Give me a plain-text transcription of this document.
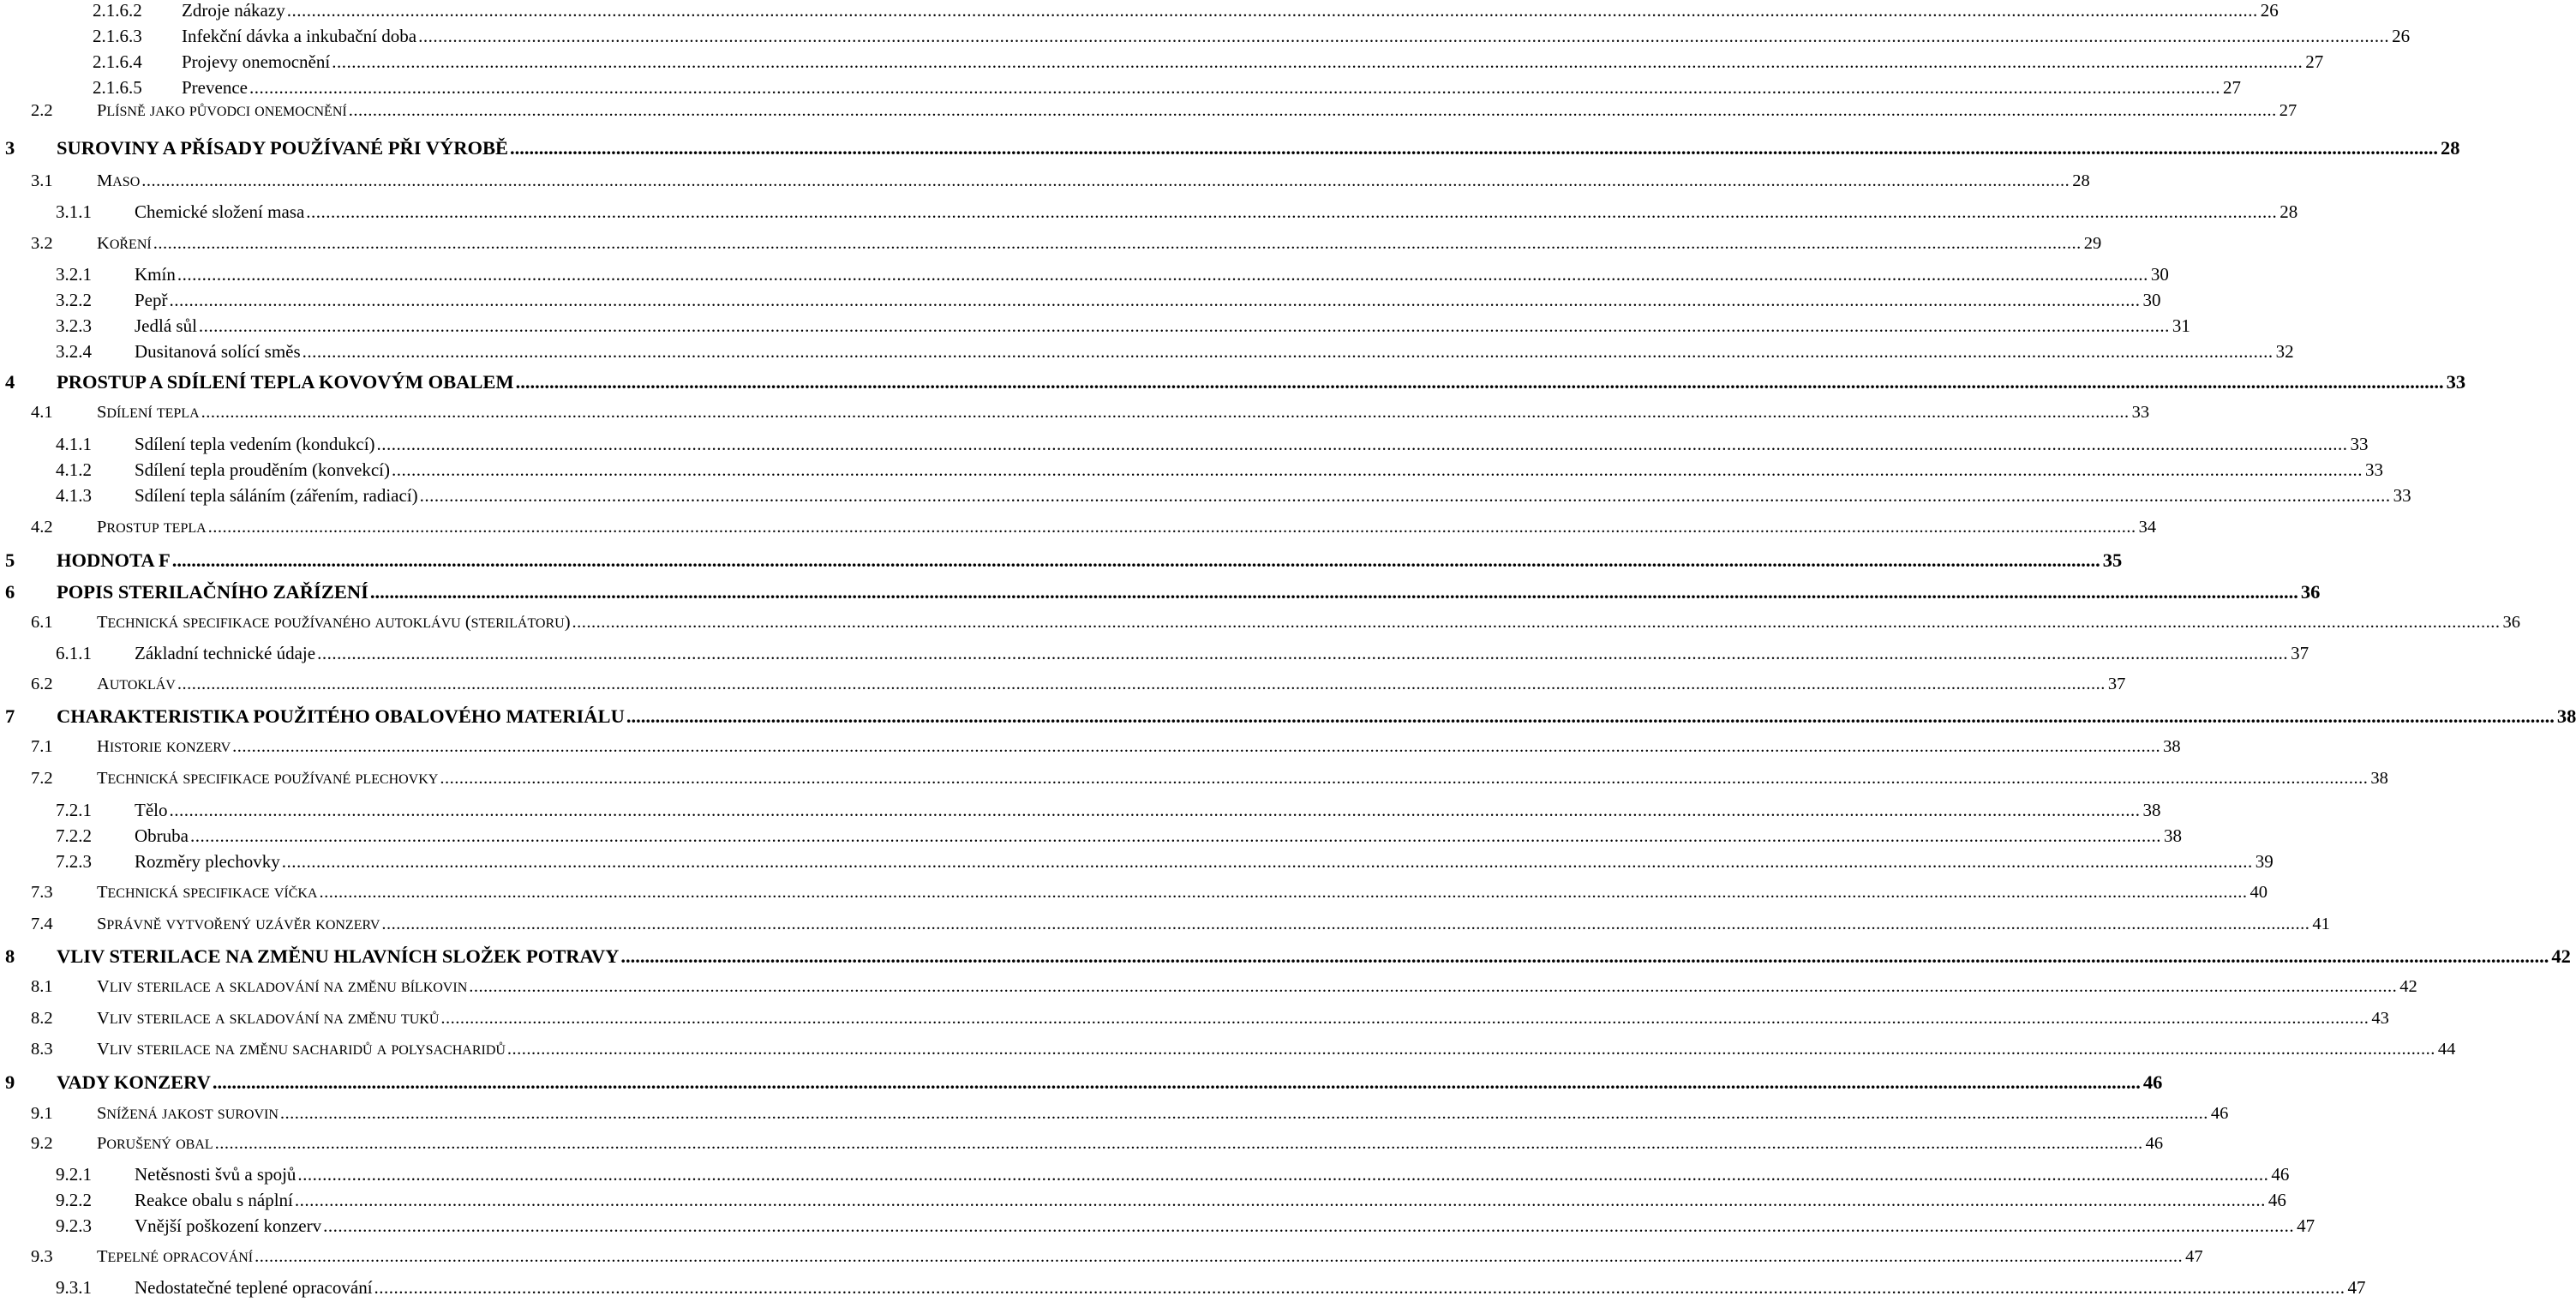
2.1.6.2	Zdroje nákazy ................................................................................................................................................................................................................................................................................................................................................................................................................ 26
2.1.6.3	Infekční dávka a inkubační doba ................................................................................................................................................................................................................................................................................................................................................................................................................ 26
2.1.6.4	Projevy onemocnění ................................................................................................................................................................................................................................................................................................................................................................................................................ 27
2.1.6.5	Prevence ................................................................................................................................................................................................................................................................................................................................................................................................................ 27
2.2	PLÍSNĚ JAKO PŮVODCI ONEMOCNĚNÍ ................................................................................................................................................................................................................................................................................................................................................................................................................ 27
3	SUROVINY A PŘÍSADY POUŽÍVANÉ PŘI VÝROBĚ ................................................................................................................................................................................................................................................................................................................................................................................................................ 28
3.1	MASO ................................................................................................................................................................................................................................................................................................................................................................................................................ 28
3.1.1	Chemické složení masa ................................................................................................................................................................................................................................................................................................................................................................................................................ 28
3.2	KOŘENÍ ................................................................................................................................................................................................................................................................................................................................................................................................................ 29
3.2.1	Kmín ................................................................................................................................................................................................................................................................................................................................................................................................................ 30
3.2.2	Pepř ................................................................................................................................................................................................................................................................................................................................................................................................................ 30
3.2.3	Jedlá sůl ................................................................................................................................................................................................................................................................................................................................................................................................................ 31
3.2.4	Dusitanová solící směs ................................................................................................................................................................................................................................................................................................................................................................................................................ 32
4	PROSTUP A SDÍLENÍ TEPLA KOVOVÝM OBALEM ................................................................................................................................................................................................................................................................................................................................................................................................................ 33
4.1	SDÍLENÍ TEPLA ................................................................................................................................................................................................................................................................................................................................................................................................................ 33
4.1.1	Sdílení tepla vedením (kondukcí) ................................................................................................................................................................................................................................................................................................................................................................................................................ 33
4.1.2	Sdílení tepla prouděním (konvekcí) ................................................................................................................................................................................................................................................................................................................................................................................................................ 33
4.1.3	Sdílení tepla sáláním (zářením, radiací) ................................................................................................................................................................................................................................................................................................................................................................................................................ 33
4.2	PROSTUP TEPLA ................................................................................................................................................................................................................................................................................................................................................................................................................ 34
5	HODNOTA F ................................................................................................................................................................................................................................................................................................................................................................................................................ 35
6	POPIS STERILAČNÍHO ZAŘÍZENÍ ................................................................................................................................................................................................................................................................................................................................................................................................................ 36
6.1	TECHNICKÁ SPECIFIKACE POUŽÍVANÉHO AUTOKLÁVU (STERILÁTORU) ................................................................................................................................................................................................................................................................................................................................................................................................................ 36
6.1.1	Základní technické údaje ................................................................................................................................................................................................................................................................................................................................................................................................................ 37
6.2	AUTOKLÁV ................................................................................................................................................................................................................................................................................................................................................................................................................ 37
7	CHARAKTERISTIKA POUŽITÉHO OBALOVÉHO MATERIÁLU ................................................................................................................................................................................................................................................................................................................................................................................................................ 38
7.1	HISTORIE KONZERV ................................................................................................................................................................................................................................................................................................................................................................................................................ 38
7.2	TECHNICKÁ SPECIFIKACE POUŽÍVANÉ PLECHOVKY ................................................................................................................................................................................................................................................................................................................................................................................................................ 38
7.2.1	Tělo ................................................................................................................................................................................................................................................................................................................................................................................................................ 38
7.2.2	Obruba ................................................................................................................................................................................................................................................................................................................................................................................................................ 38
7.2.3	Rozměry plechovky ................................................................................................................................................................................................................................................................................................................................................................................................................ 39
7.3	TECHNICKÁ SPECIFIKACE VÍČKA ................................................................................................................................................................................................................................................................................................................................................................................................................ 40
7.4	SPRÁVNĚ VYTVOŘENÝ UZÁVĚR KONZERV ................................................................................................................................................................................................................................................................................................................................................................................................................ 41
8	VLIV STERILACE NA ZMĚNU HLAVNÍCH SLOŽEK POTRAVY ................................................................................................................................................................................................................................................................................................................................................................................................................ 42
8.1	VLIV STERILACE A SKLADOVÁNÍ NA ZMĚNU BÍLKOVIN ................................................................................................................................................................................................................................................................................................................................................................................................................ 42
8.2	VLIV STERILACE A SKLADOVÁNÍ NA ZMĚNU TUKŮ ................................................................................................................................................................................................................................................................................................................................................................................................................ 43
8.3	VLIV STERILACE NA ZMĚNU SACHARIDŮ A POLYSACHARIDŮ ................................................................................................................................................................................................................................................................................................................................................................................................................ 44
9	VADY KONZERV ................................................................................................................................................................................................................................................................................................................................................................................................................ 46
9.1	SNÍŽENÁ JAKOST SUROVIN ................................................................................................................................................................................................................................................................................................................................................................................................................ 46
9.2	PORUŠENÝ OBAL ................................................................................................................................................................................................................................................................................................................................................................................................................ 46
9.2.1	Netěsnosti švů a spojů ................................................................................................................................................................................................................................................................................................................................................................................................................ 46
9.2.2	Reakce obalu s náplní ................................................................................................................................................................................................................................................................................................................................................................................................................ 46
9.2.3	Vnější poškození konzerv ................................................................................................................................................................................................................................................................................................................................................................................................................ 47
9.3	TEPELNÉ OPRACOVÁNÍ ................................................................................................................................................................................................................................................................................................................................................................................................................ 47
9.3.1	Nedostatečné teplené opracování ................................................................................................................................................................................................................................................................................................................................................................................................................ 47
